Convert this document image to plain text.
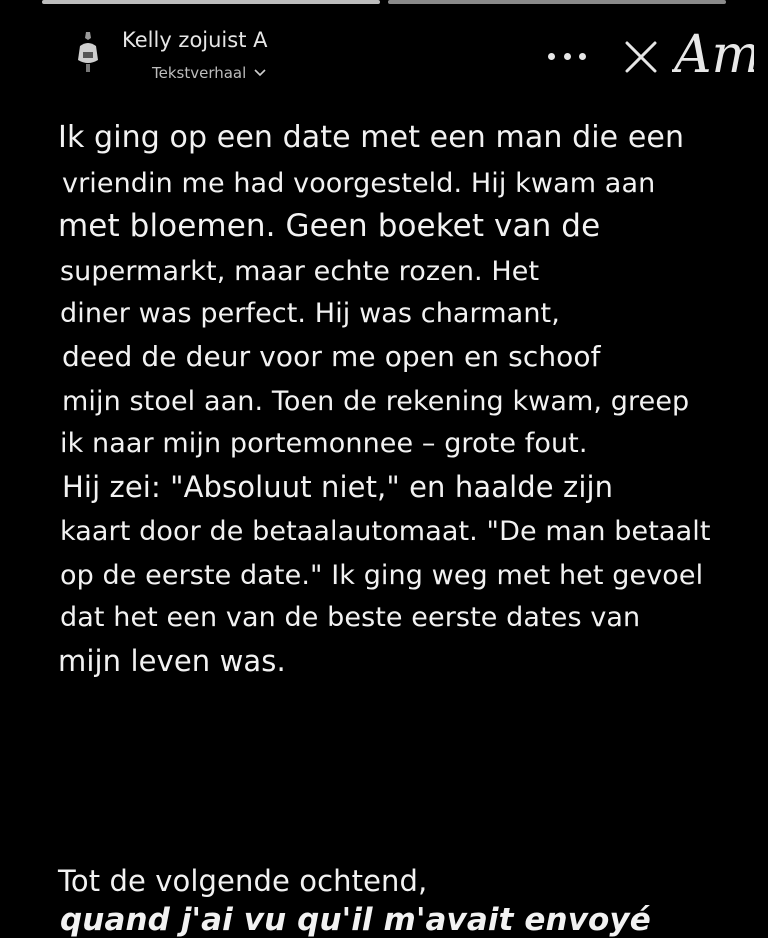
Kelly zojuist A
Tekstverhaal	Am
Ik ging op een date met een man die een
vriendin me had voorgesteld. Hij kwam aan
met bloemen. Geen boeket van de
supermarkt, maar echte rozen. Het
diner was perfect. Hij was charmant,
deed de deur voor me open en schoof
mijn stoel aan. Toen de rekening kwam, greep
ik naar mijn portemonnee – grote fout.
Hij zei: "Absoluut niet," en haalde zijn
kaart door de betaalautomaat. "De man betaalt
op de eerste date." Ik ging weg met het gevoel
dat het een van de beste eerste dates van
mijn leven was.
Tot de volgende ochtend,
quand j'ai vu qu'il m'avait envoyé
